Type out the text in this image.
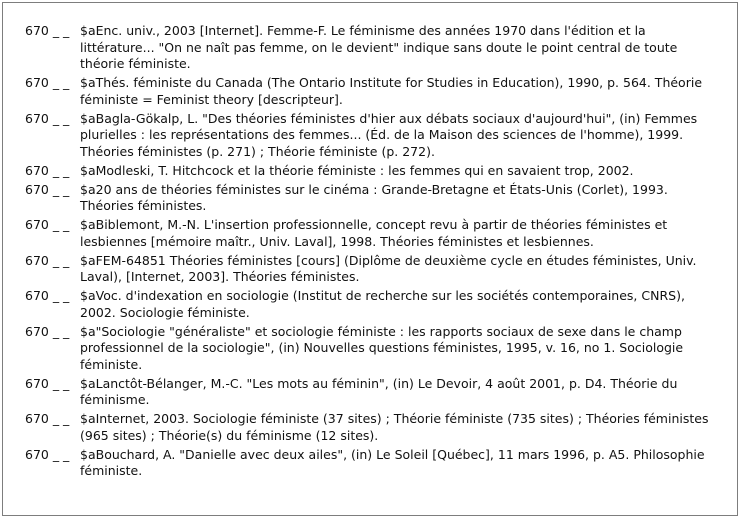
670 _ _ $aEnc. univ., 2003 [Internet]. Femme-F. Le féminisme des années 1970 dans l'édition et la littérature... "On ne naît pas femme, on le devient" indique sans doute le point central de toute théorie féministe.
670 _ _ $aThés. féministe du Canada (The Ontario Institute for Studies in Education), 1990, p. 564. Théorie féministe = Feminist theory [descripteur].
670 _ _ $aBagla-Gökalp, L. "Des théories féministes d'hier aux débats sociaux d'aujourd'hui", (in) Femmes plurielles : les représentations des femmes... (Éd. de la Maison des sciences de l'homme), 1999. Théories féministes (p. 271) ; Théorie féministe (p. 272).
670 _ _ $aModleski, T. Hitchcock et la théorie féministe : les femmes qui en savaient trop, 2002.
670 _ _ $a20 ans de théories féministes sur le cinéma : Grande-Bretagne et États-Unis (Corlet), 1993. Théories féministes.
670 _ _ $aBiblemont, M.-N. L'insertion professionnelle, concept revu à partir de théories féministes et lesbiennes [mémoire maîtr., Univ. Laval], 1998. Théories féministes et lesbiennes.
670 _ _ $aFEM-64851 Théories féministes [cours] (Diplôme de deuxième cycle en études féministes, Univ. Laval), [Internet, 2003]. Théories féministes.
670 _ _ $aVoc. d'indexation en sociologie (Institut de recherche sur les sociétés contemporaines, CNRS), 2002. Sociologie féministe.
670 _ _ $a"Sociologie "généraliste" et sociologie féministe : les rapports sociaux de sexe dans le champ professionnel de la sociologie", (in) Nouvelles questions féministes, 1995, v. 16, no 1. Sociologie féministe.
670 _ _ $aLanctôt-Bélanger, M.-C. "Les mots au féminin", (in) Le Devoir, 4 août 2001, p. D4. Théorie du féminisme.
670 _ _ $aInternet, 2003. Sociologie féministe (37 sites) ; Théorie féministe (735 sites) ; Théories féministes (965 sites) ; Théorie(s) du féminisme (12 sites).
670 _ _ $aBouchard, A. "Danielle avec deux ailes", (in) Le Soleil [Québec], 11 mars 1996, p. A5. Philosophie féministe.
